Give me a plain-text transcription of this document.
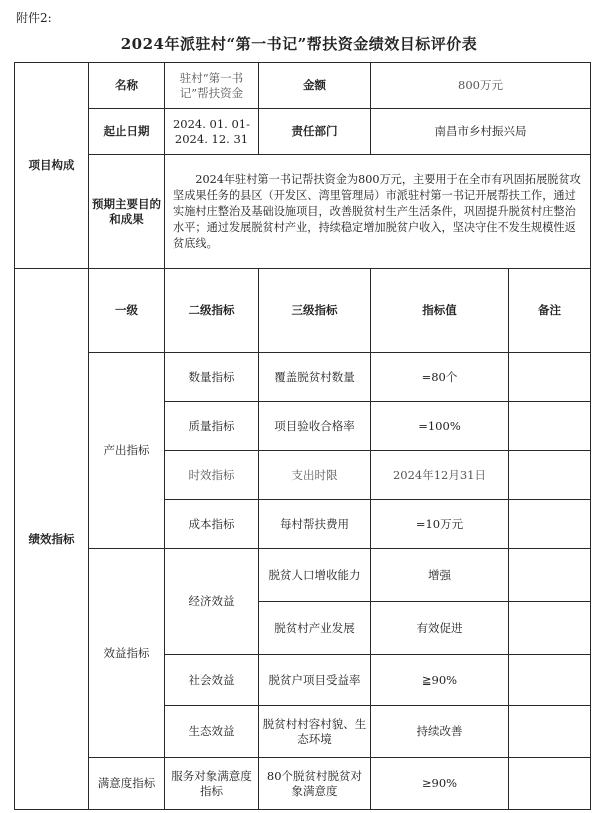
附件2:
2024年派驻村“第一书记”帮扶资金绩效目标评价表
项目构成	名称	驻村“第一书记”帮扶资金	金额	800万元	
	起止日期	2024. 01. 01-2024. 12. 31	责任部门	南昌市乡村振兴局	
	预期主要目的和成果	2024年驻村第一书记帮扶资金为800万元，主要用于在全市有巩固拓展脱贫攻坚成果任务的县区（开发区、湾里管理局）市派驻村第一书记开展帮扶工作，通过实施村庄整治及基础设施项目，改善脱贫村生产生活条件，巩固提升脱贫村庄整治水平；通过发展脱贫村产业，持续稳定增加脱贫户收入，坚决守住不发生规模性返贫底线。			
绩效指标	一级	二级指标	三级指标	指标值	备注
	产出指标	数量指标	覆盖脱贫村数量	=80个	
		质量指标	项目验收合格率	=100%	
		时效指标	支出时限	2024年12月31日	
		成本指标	每村帮扶费用	=10万元	
	效益指标	经济效益	脱贫人口增收能力	增强	
			脱贫村产业发展	有效促进	
		社会效益	脱贫户项目受益率	≧90%	
		生态效益	脱贫村村容村貌、生态环境	持续改善	
	满意度指标	服务对象满意度指标	80个脱贫村脱贫对象满意度	≥90%	
